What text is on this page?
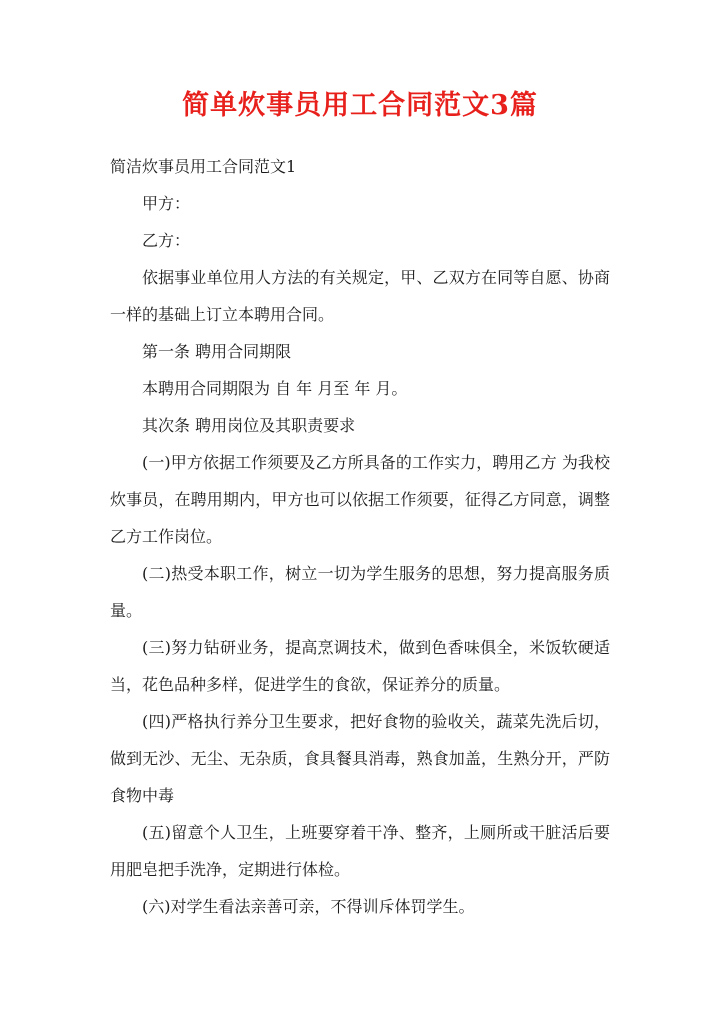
简单炊事员用工合同范文3篇

简洁炊事员用工合同范文1

甲方：

乙方：

依据事业单位用人方法的有关规定，甲、乙双方在同等自愿、协商一样的基础上订立本聘用合同。

第一条 聘用合同期限

本聘用合同期限为 自 年 月至 年 月。

其次条 聘用岗位及其职责要求

(一)甲方依据工作须要及乙方所具备的工作实力，聘用乙方 为我校炊事员，在聘用期内，甲方也可以依据工作须要，征得乙方同意，调整乙方工作岗位。

(二)热受本职工作，树立一切为学生服务的思想，努力提高服务质量。

(三)努力钻研业务，提高烹调技术，做到色香味俱全，米饭软硬适当，花色品种多样，促进学生的食欲，保证养分的质量。

(四)严格执行养分卫生要求，把好食物的验收关，蔬菜先洗后切，做到无沙、无尘、无杂质，食具餐具消毒，熟食加盖，生熟分开，严防食物中毒

(五)留意个人卫生，上班要穿着干净、整齐，上厕所或干脏活后要用肥皂把手洗净，定期进行体检。

(六)对学生看法亲善可亲，不得训斥体罚学生。
